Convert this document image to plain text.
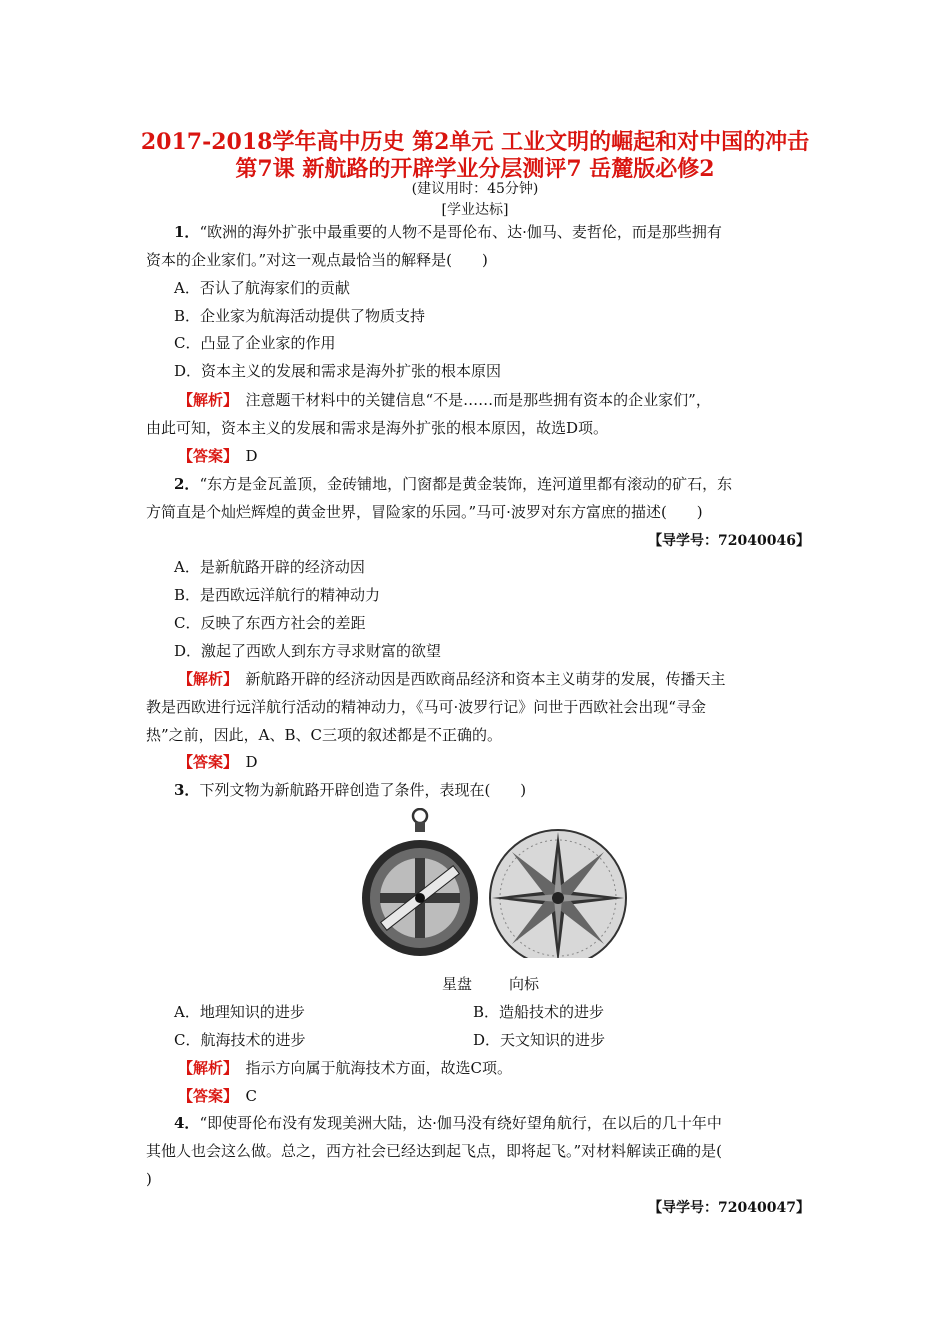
2017-2018学年高中历史 第2单元 工业文明的崛起和对中国的冲击
第7课 新航路的开辟学业分层测评7 岳麓版必修2
(建议用时：45分钟)
[学业达标]
1．“欧洲的海外扩张中最重要的人物不是哥伦布、达·伽马、麦哲伦，而是那些拥有
资本的企业家们。”对这一观点最恰当的解释是(　　)
A．否认了航海家们的贡献
B．企业家为航海活动提供了物质支持
C．凸显了企业家的作用
D．资本主义的发展和需求是海外扩张的根本原因
【解析】　注意题干材料中的关键信息“不是……而是那些拥有资本的企业家们”，
由此可知，资本主义的发展和需求是海外扩张的根本原因，故选D项。
【答案】　D
2．“东方是金瓦盖顶，金砖铺地，门窗都是黄金装饰，连河道里都有滚动的矿石，东
方简直是个灿烂辉煌的黄金世界，冒险家的乐园。”马可·波罗对东方富庶的描述(　　)
【导学号：72040046】
A．是新航路开辟的经济动因
B．是西欧远洋航行的精神动力
C．反映了东西方社会的差距
D．激起了西欧人到东方寻求财富的欲望
【解析】　新航路开辟的经济动因是西欧商品经济和资本主义萌芽的发展，传播天主
教是西欧进行远洋航行活动的精神动力，《马可·波罗行记》问世于西欧社会出现“寻金
热”之前，因此，A、B、C三项的叙述都是不正确的。
【答案】　D
3．下列文物为新航路开辟创造了条件，表现在(　　)
星盘 向标
A．地理知识的进步	B．造船技术的进步
C．航海技术的进步	D．天文知识的进步
【解析】　指示方向属于航海技术方面，故选C项。
【答案】　C
4．“即使哥伦布没有发现美洲大陆，达·伽马没有绕好望角航行，在以后的几十年中
其他人也会这么做。总之，西方社会已经达到起飞点，即将起飞。”对材料解读正确的是(
)
【导学号：72040047】
